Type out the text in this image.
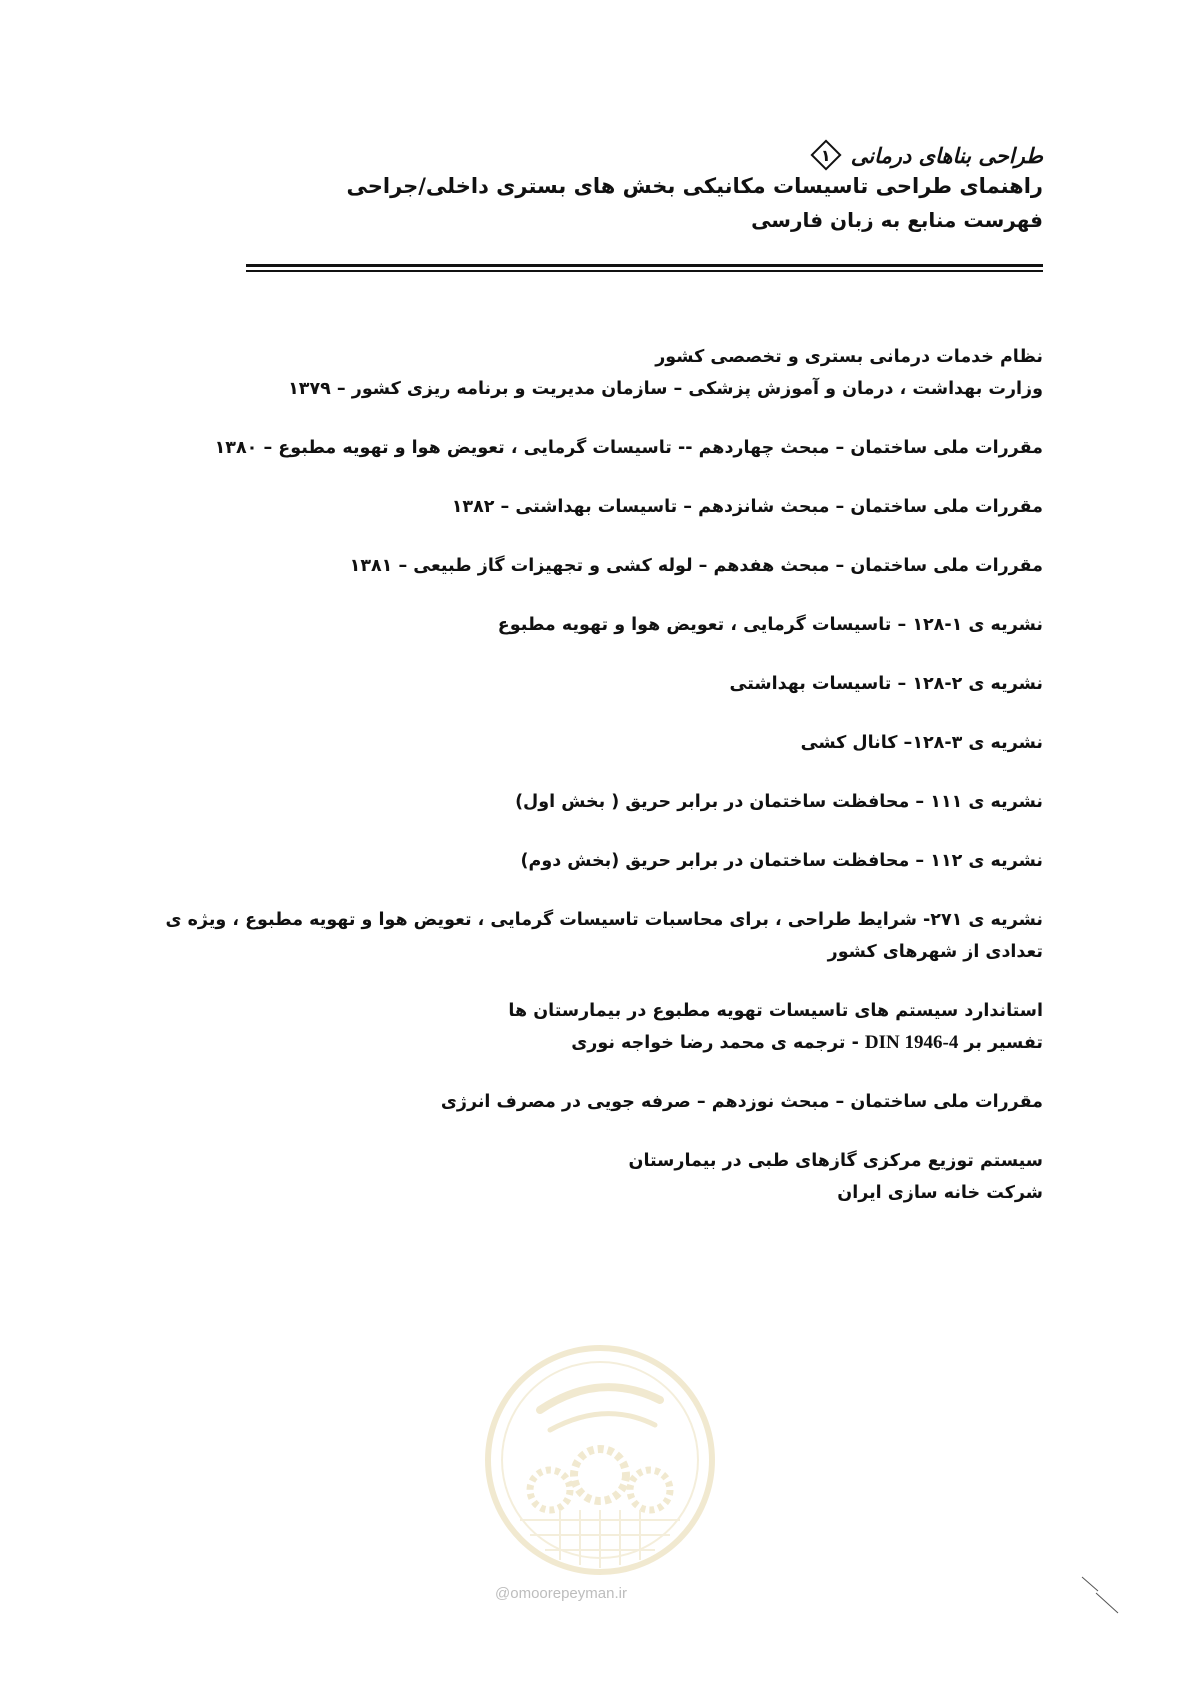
طراحی بناهای درمانی
۱
راهنمای طراحی تاسیسات مکانیکی بخش های بستری داخلی/جراحی
فهرست منابع به زبان فارسی
نظام خدمات درمانی بستری و تخصصی کشور
وزارت بهداشت ، درمان و آموزش پزشکی – سازمان مدیریت و برنامه ریزی کشور – ۱۳۷۹
مقررات ملی ساختمان – مبحث چهاردهم -- تاسیسات گرمایی ، تعویض هوا و تهویه مطبوع – ۱۳۸۰
مقررات ملی ساختمان – مبحث شانزدهم – تاسیسات بهداشتی – ۱۳۸۲
مقررات ملی ساختمان – مبحث هفدهم – لوله کشی و تجهیزات گاز طبیعی – ۱۳۸۱
نشریه ی ۱-۱۲۸ – تاسیسات گرمایی ، تعویض هوا و تهویه مطبوع
نشریه ی ۲-۱۲۸ – تاسیسات بهداشتی
نشریه ی ۳-۱۲۸– کانال کشی
نشریه ی ۱۱۱ – محافظت ساختمان در برابر حریق ( بخش اول)
نشریه ی ۱۱۲ – محافظت ساختمان در برابر حریق (بخش دوم)
نشریه ی ۲۷۱- شرایط طراحی ، برای محاسبات تاسیسات گرمایی ، تعویض هوا و تهویه مطبوع ، ویژه ی تعدادی از شهرهای کشور
استاندارد سیستم های تاسیسات تهویه مطبوع در بیمارستان ها
تفسیر بر DIN 1946-4 - ترجمه ی محمد رضا خواجه نوری
مقررات ملی ساختمان – مبحث نوزدهم – صرفه جویی در مصرف انرژی
سیستم توزیع مرکزی گازهای طبی در بیمارستان
شرکت خانه سازی ایران
@omoorepeyman.ir
